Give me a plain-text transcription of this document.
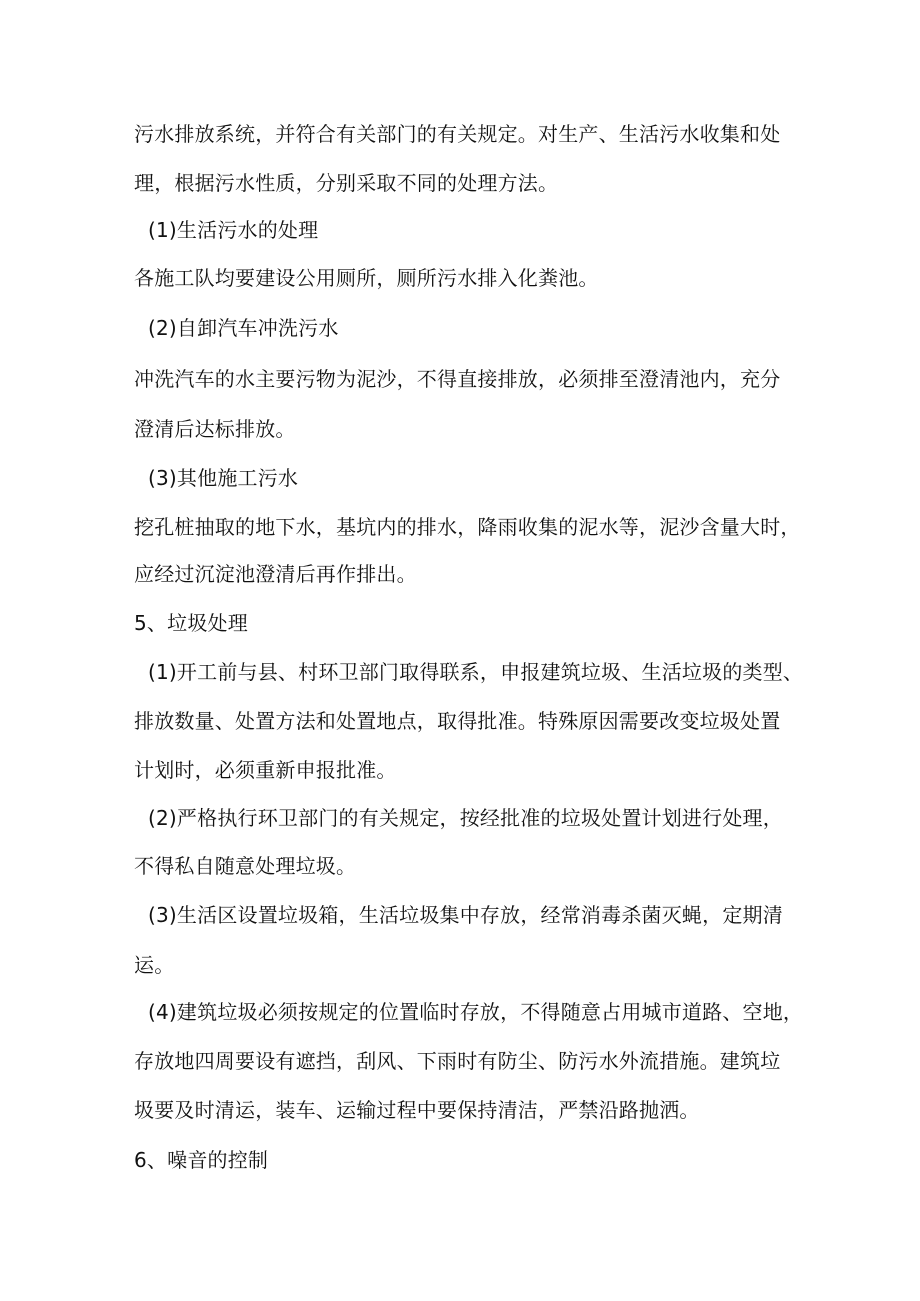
污水排放系统，并符合有关部门的有关规定。对生产、生活污水收集和处
理，根据污水性质，分别采取不同的处理方法。
(1)生活污水的处理
各施工队均要建设公用厕所，厕所污水排入化粪池。
(2)自卸汽车冲洗污水
冲洗汽车的水主要污物为泥沙，不得直接排放，必须排至澄清池内，充分
澄清后达标排放。
(3)其他施工污水
挖孔桩抽取的地下水，基坑内的排水，降雨收集的泥水等，泥沙含量大时，
应经过沉淀池澄清后再作排出。
5、垃圾处理
(1)开工前与县、村环卫部门取得联系，申报建筑垃圾、生活垃圾的类型、
排放数量、处置方法和处置地点，取得批准。特殊原因需要改变垃圾处置
计划时，必须重新申报批准。
(2)严格执行环卫部门的有关规定，按经批准的垃圾处置计划进行处理，
不得私自随意处理垃圾。
(3)生活区设置垃圾箱，生活垃圾集中存放，经常消毒杀菌灭蝇，定期清
运。
(4)建筑垃圾必须按规定的位置临时存放，不得随意占用城市道路、空地，
存放地四周要设有遮挡，刮风、下雨时有防尘、防污水外流措施。建筑垃
圾要及时清运，装车、运输过程中要保持清洁，严禁沿路抛洒。
6、噪音的控制
